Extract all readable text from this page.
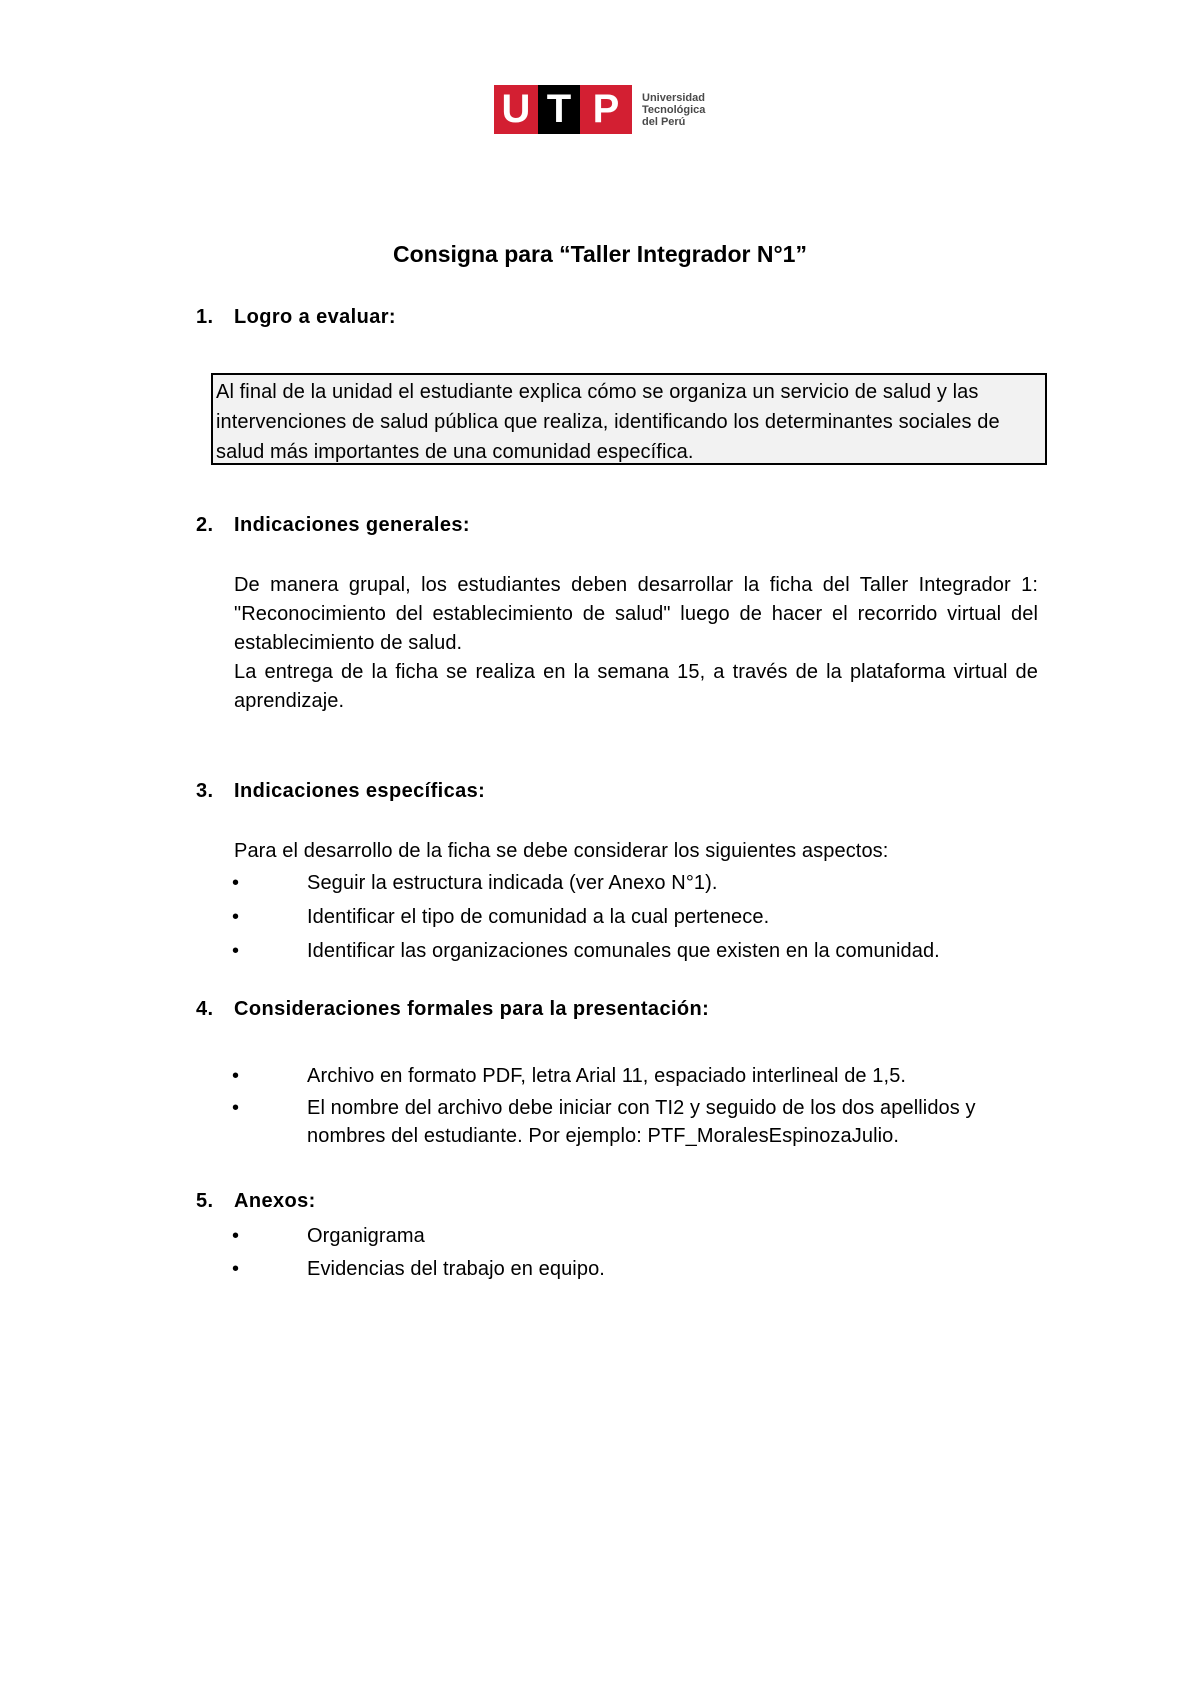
U T P	Universidad
Tecnológica
del Perú
Consigna para “Taller Integrador N°1”
1. Logro a evaluar:
Al final de la unidad el estudiante explica cómo se organiza un servicio de salud y las intervenciones de salud pública que realiza, identificando los determinantes sociales de salud más importantes de una comunidad específica.
2. Indicaciones generales:
De manera grupal, los estudiantes deben desarrollar la ficha del Taller Integrador 1: "Reconocimiento del establecimiento de salud" luego de hacer el recorrido virtual del establecimiento de salud.
La entrega de la ficha se realiza en la semana 15, a través de la plataforma virtual de aprendizaje.
3. Indicaciones específicas:
Para el desarrollo de la ficha se debe considerar los siguientes aspectos:
•	Seguir la estructura indicada (ver Anexo N°1).
•	Identificar el tipo de comunidad a la cual pertenece.
•	Identificar las organizaciones comunales que existen en la comunidad.
4. Consideraciones formales para la presentación:
•	Archivo en formato PDF, letra Arial 11, espaciado interlineal de 1,5.
•	El nombre del archivo debe iniciar con TI2 y seguido de los dos apellidos y nombres del estudiante. Por ejemplo: PTF_MoralesEspinozaJulio.
5. Anexos:
•	Organigrama
•	Evidencias del trabajo en equipo.
